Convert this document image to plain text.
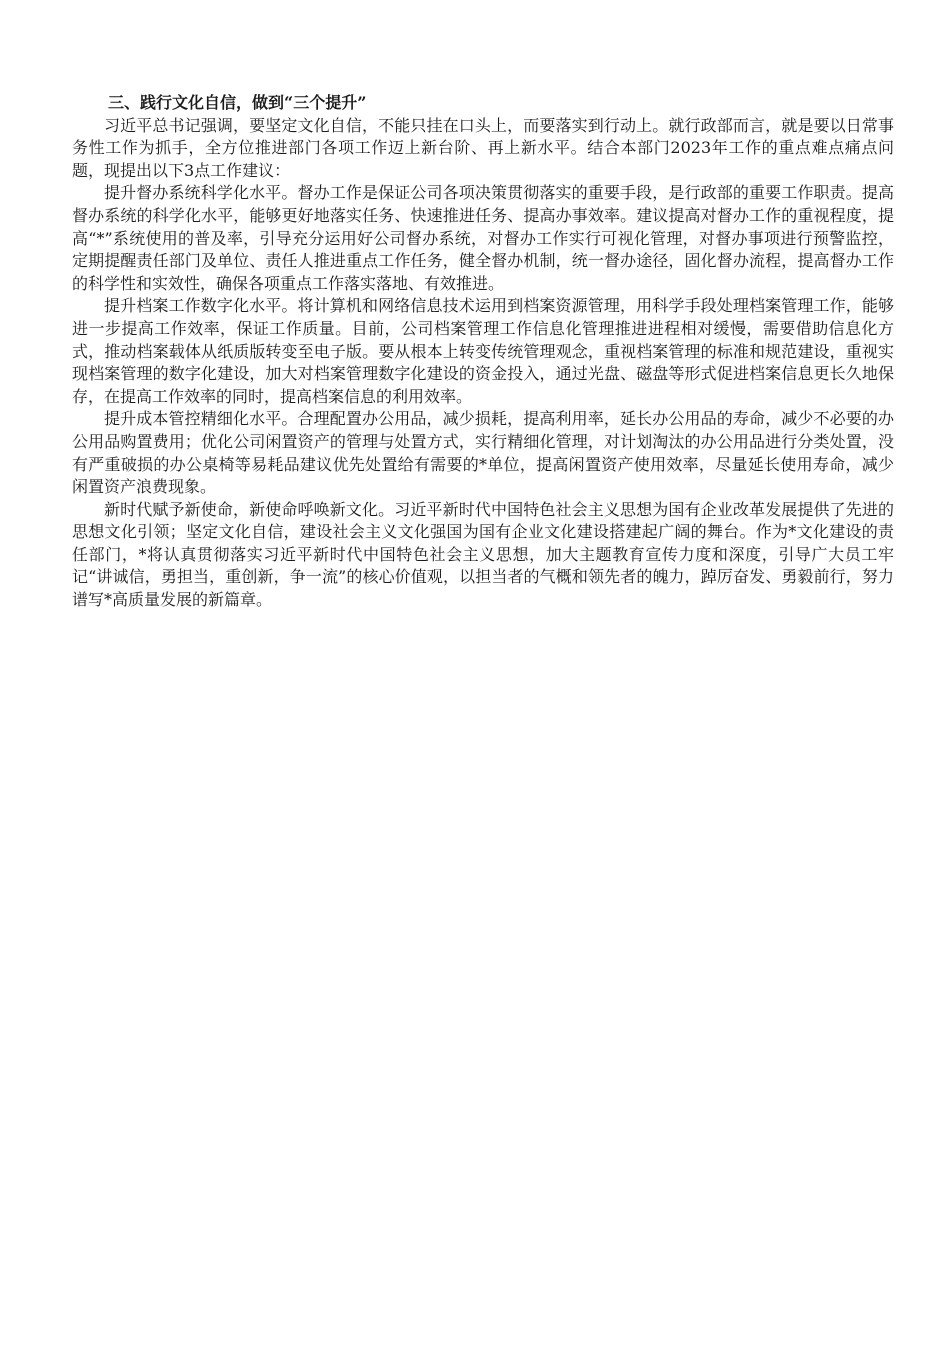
三、践行文化自信，做到“三个提升”

习近平总书记强调，要坚定文化自信，不能只挂在口头上，而要落实到行动上。就行政部而言，就是要以日常事务性工作为抓手，全方位推进部门各项工作迈上新台阶、再上新水平。结合本部门2023年工作的重点难点痛点问题，现提出以下3点工作建议：

提升督办系统科学化水平。督办工作是保证公司各项决策贯彻落实的重要手段，是行政部的重要工作职责。提高督办系统的科学化水平，能够更好地落实任务、快速推进任务、提高办事效率。建议提高对督办工作的重视程度，提高“*”系统使用的普及率，引导充分运用好公司督办系统，对督办工作实行可视化管理，对督办事项进行预警监控，定期提醒责任部门及单位、责任人推进重点工作任务，健全督办机制，统一督办途径，固化督办流程，提高督办工作的科学性和实效性，确保各项重点工作落实落地、有效推进。

提升档案工作数字化水平。将计算机和网络信息技术运用到档案资源管理，用科学手段处理档案管理工作，能够进一步提高工作效率，保证工作质量。目前，公司档案管理工作信息化管理推进进程相对缓慢，需要借助信息化方式，推动档案载体从纸质版转变至电子版。要从根本上转变传统管理观念，重视档案管理的标准和规范建设，重视实现档案管理的数字化建设，加大对档案管理数字化建设的资金投入，通过光盘、磁盘等形式促进档案信息更长久地保存，在提高工作效率的同时，提高档案信息的利用效率。

提升成本管控精细化水平。合理配置办公用品，减少损耗，提高利用率，延长办公用品的寿命，减少不必要的办公用品购置费用；优化公司闲置资产的管理与处置方式，实行精细化管理，对计划淘汰的办公用品进行分类处置，没有严重破损的办公桌椅等易耗品建议优先处置给有需要的*单位，提高闲置资产使用效率，尽量延长使用寿命，减少闲置资产浪费现象。

新时代赋予新使命，新使命呼唤新文化。习近平新时代中国特色社会主义思想为国有企业改革发展提供了先进的思想文化引领；坚定文化自信，建设社会主义文化强国为国有企业文化建设搭建起广阔的舞台。作为*文化建设的责任部门，*将认真贯彻落实习近平新时代中国特色社会主义思想，加大主题教育宣传力度和深度，引导广大员工牢记“讲诚信，勇担当，重创新，争一流”的核心价值观，以担当者的气概和领先者的魄力，踔厉奋发、勇毅前行，努力谱写*高质量发展的新篇章。
